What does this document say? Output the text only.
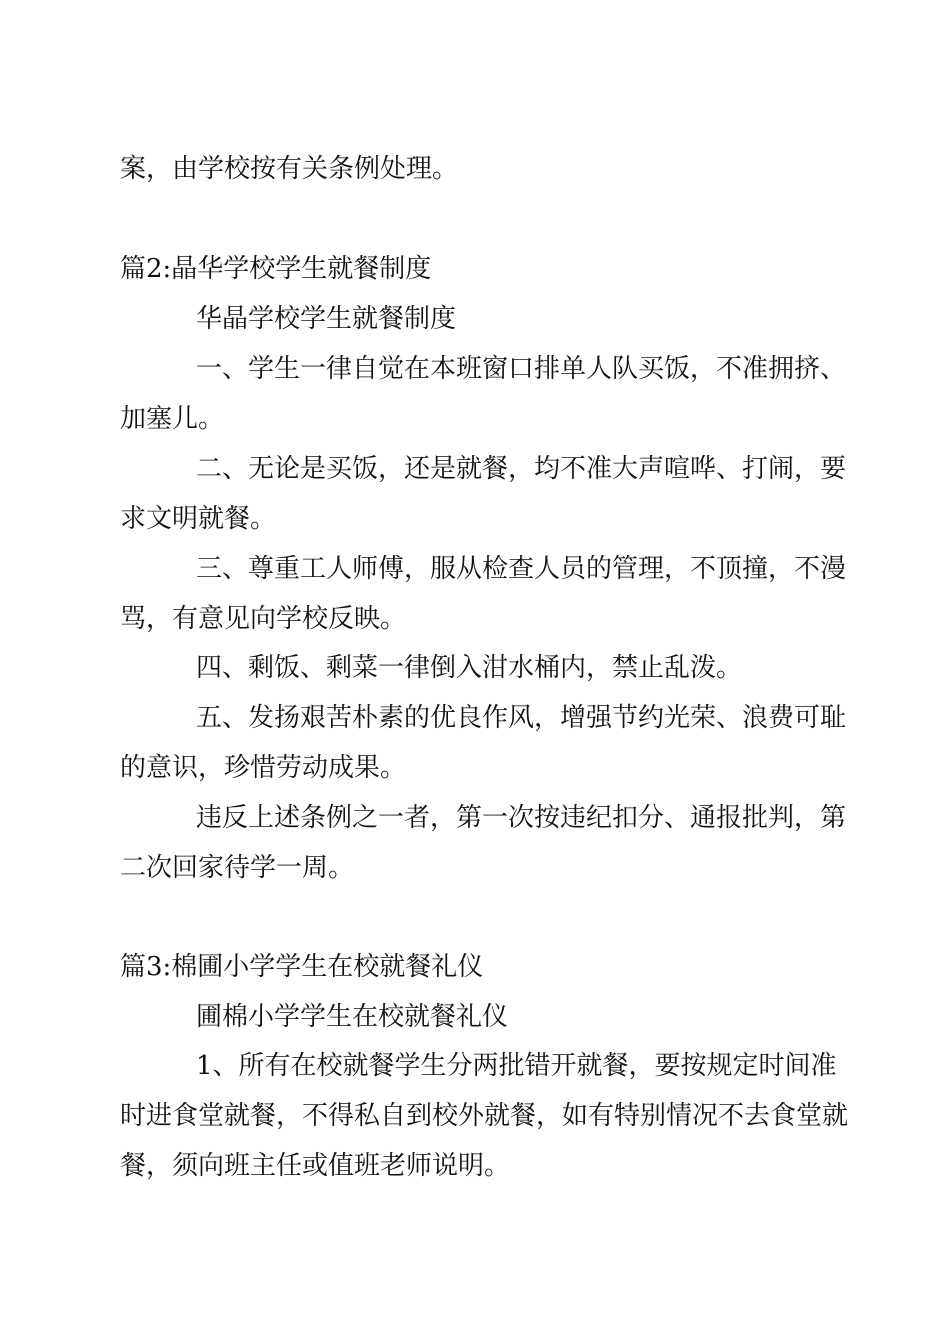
案，由学校按有关条例处理。
篇2:晶华学校学生就餐制度
华晶学校学生就餐制度
一、学生一律自觉在本班窗口排单人队买饭，不准拥挤、
加塞儿。
二、无论是买饭，还是就餐，均不准大声喧哗、打闹，要
求文明就餐。
三、尊重工人师傅，服从检查人员的管理，不顶撞，不漫
骂，有意见向学校反映。
四、剩饭、剩菜一律倒入泔水桶内，禁止乱泼。
五、发扬艰苦朴素的优良作风，增强节约光荣、浪费可耻
的意识，珍惜劳动成果。
违反上述条例之一者，第一次按违纪扣分、通报批判，第
二次回家待学一周。
篇3:棉圃小学学生在校就餐礼仪
圃棉小学学生在校就餐礼仪
1、所有在校就餐学生分两批错开就餐，要按规定时间准
时进食堂就餐，不得私自到校外就餐，如有特别情况不去食堂就
餐，须向班主任或值班老师说明。
